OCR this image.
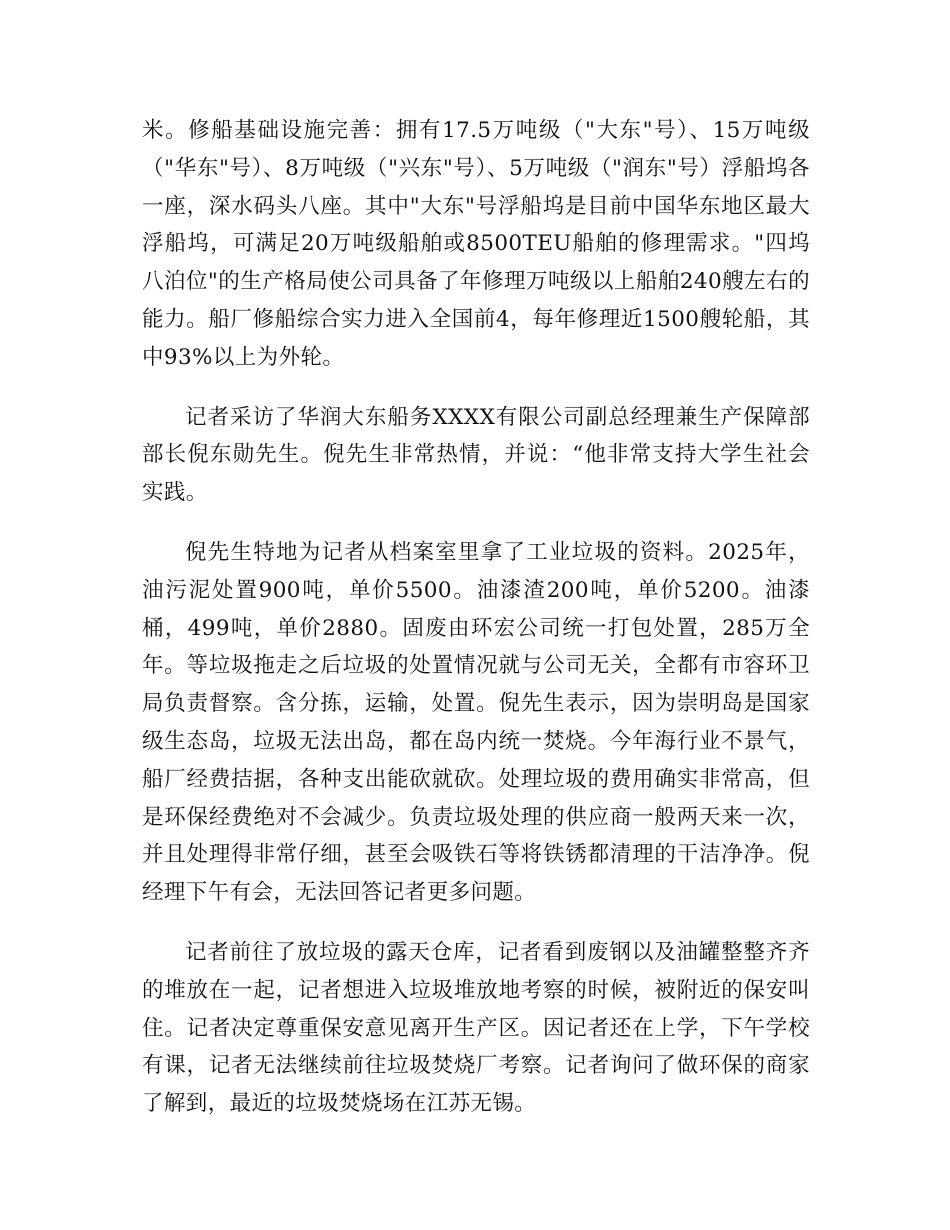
米。修船基础设施完善：拥有17.5万吨级（"大东"号）、15万吨级（"华东"号）、8万吨级（"兴东"号）、5万吨级（"润东"号）浮船坞各一座，深水码头八座。其中"大东"号浮船坞是目前中国华东地区最大浮船坞，可满足20万吨级船舶或8500TEU船舶的修理需求。"四坞八泊位"的生产格局使公司具备了年修理万吨级以上船舶240艘左右的能力。船厂修船综合实力进入全国前4，每年修理近1500艘轮船，其中93%以上为外轮。

记者采访了华润大东船务XXXX有限公司副总经理兼生产保障部部长倪东勋先生。倪先生非常热情，并说：“他非常支持大学生社会实践。

倪先生特地为记者从档案室里拿了工业垃圾的资料。2025年，油污泥处置900吨，单价5500。油漆渣200吨，单价5200。油漆桶，499吨，单价2880。固废由环宏公司统一打包处置，285万全年。等垃圾拖走之后垃圾的处置情况就与公司无关，全都有市容环卫局负责督察。含分拣，运输，处置。倪先生表示，因为崇明岛是国家级生态岛，垃圾无法出岛，都在岛内统一焚烧。今年海行业不景气，船厂经费拮据，各种支出能砍就砍。处理垃圾的费用确实非常高，但是环保经费绝对不会减少。负责垃圾处理的供应商一般两天来一次，并且处理得非常仔细，甚至会吸铁石等将铁锈都清理的干洁净净。倪经理下午有会，无法回答记者更多问题。

记者前往了放垃圾的露天仓库，记者看到废钢以及油罐整整齐齐的堆放在一起，记者想进入垃圾堆放地考察的时候，被附近的保安叫住。记者决定尊重保安意见离开生产区。因记者还在上学，下午学校有课，记者无法继续前往垃圾焚烧厂考察。记者询问了做环保的商家了解到，最近的垃圾焚烧场在江苏无锡。
